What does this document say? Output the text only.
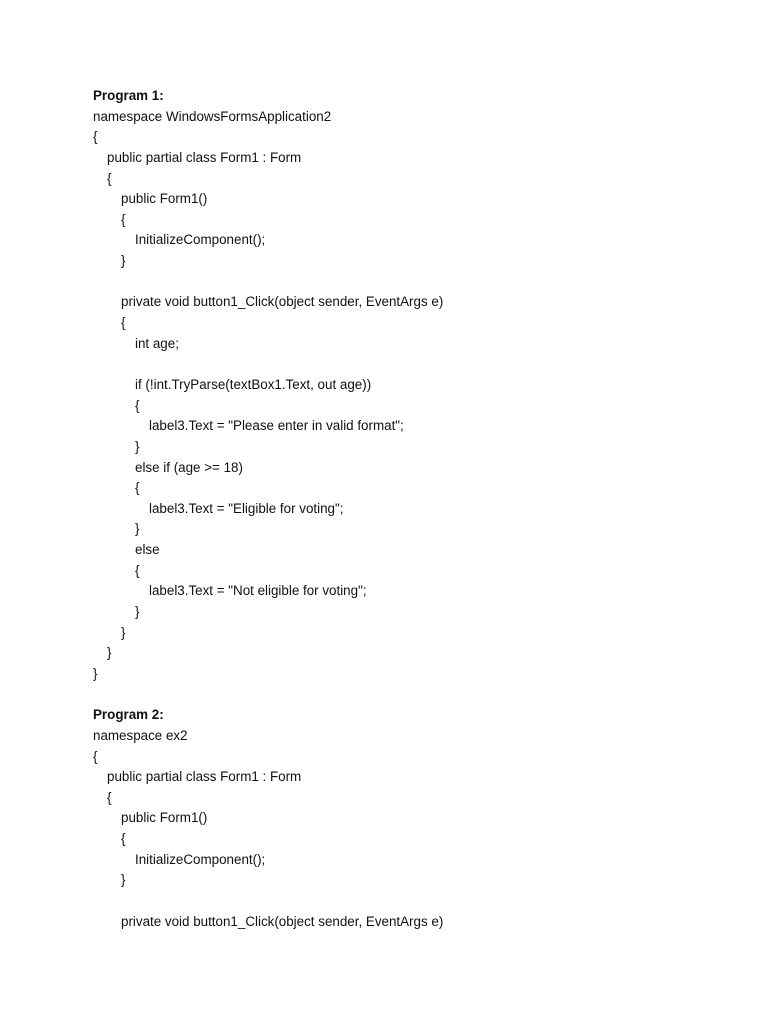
Program 1:
namespace WindowsFormsApplication2
{
public partial class Form1 : Form
{
public Form1()
{
InitializeComponent();
}
private void button1_Click(object sender, EventArgs e)
{
int age;
if (!int.TryParse(textBox1.Text, out age))
{
label3.Text = "Please enter in valid format";
}
else if (age >= 18)
{
label3.Text = "Eligible for voting";
}
else
{
label3.Text = "Not eligible for voting";
}
}
}
}
Program 2:
namespace ex2
{
public partial class Form1 : Form
{
public Form1()
{
InitializeComponent();
}
private void button1_Click(object sender, EventArgs e)
